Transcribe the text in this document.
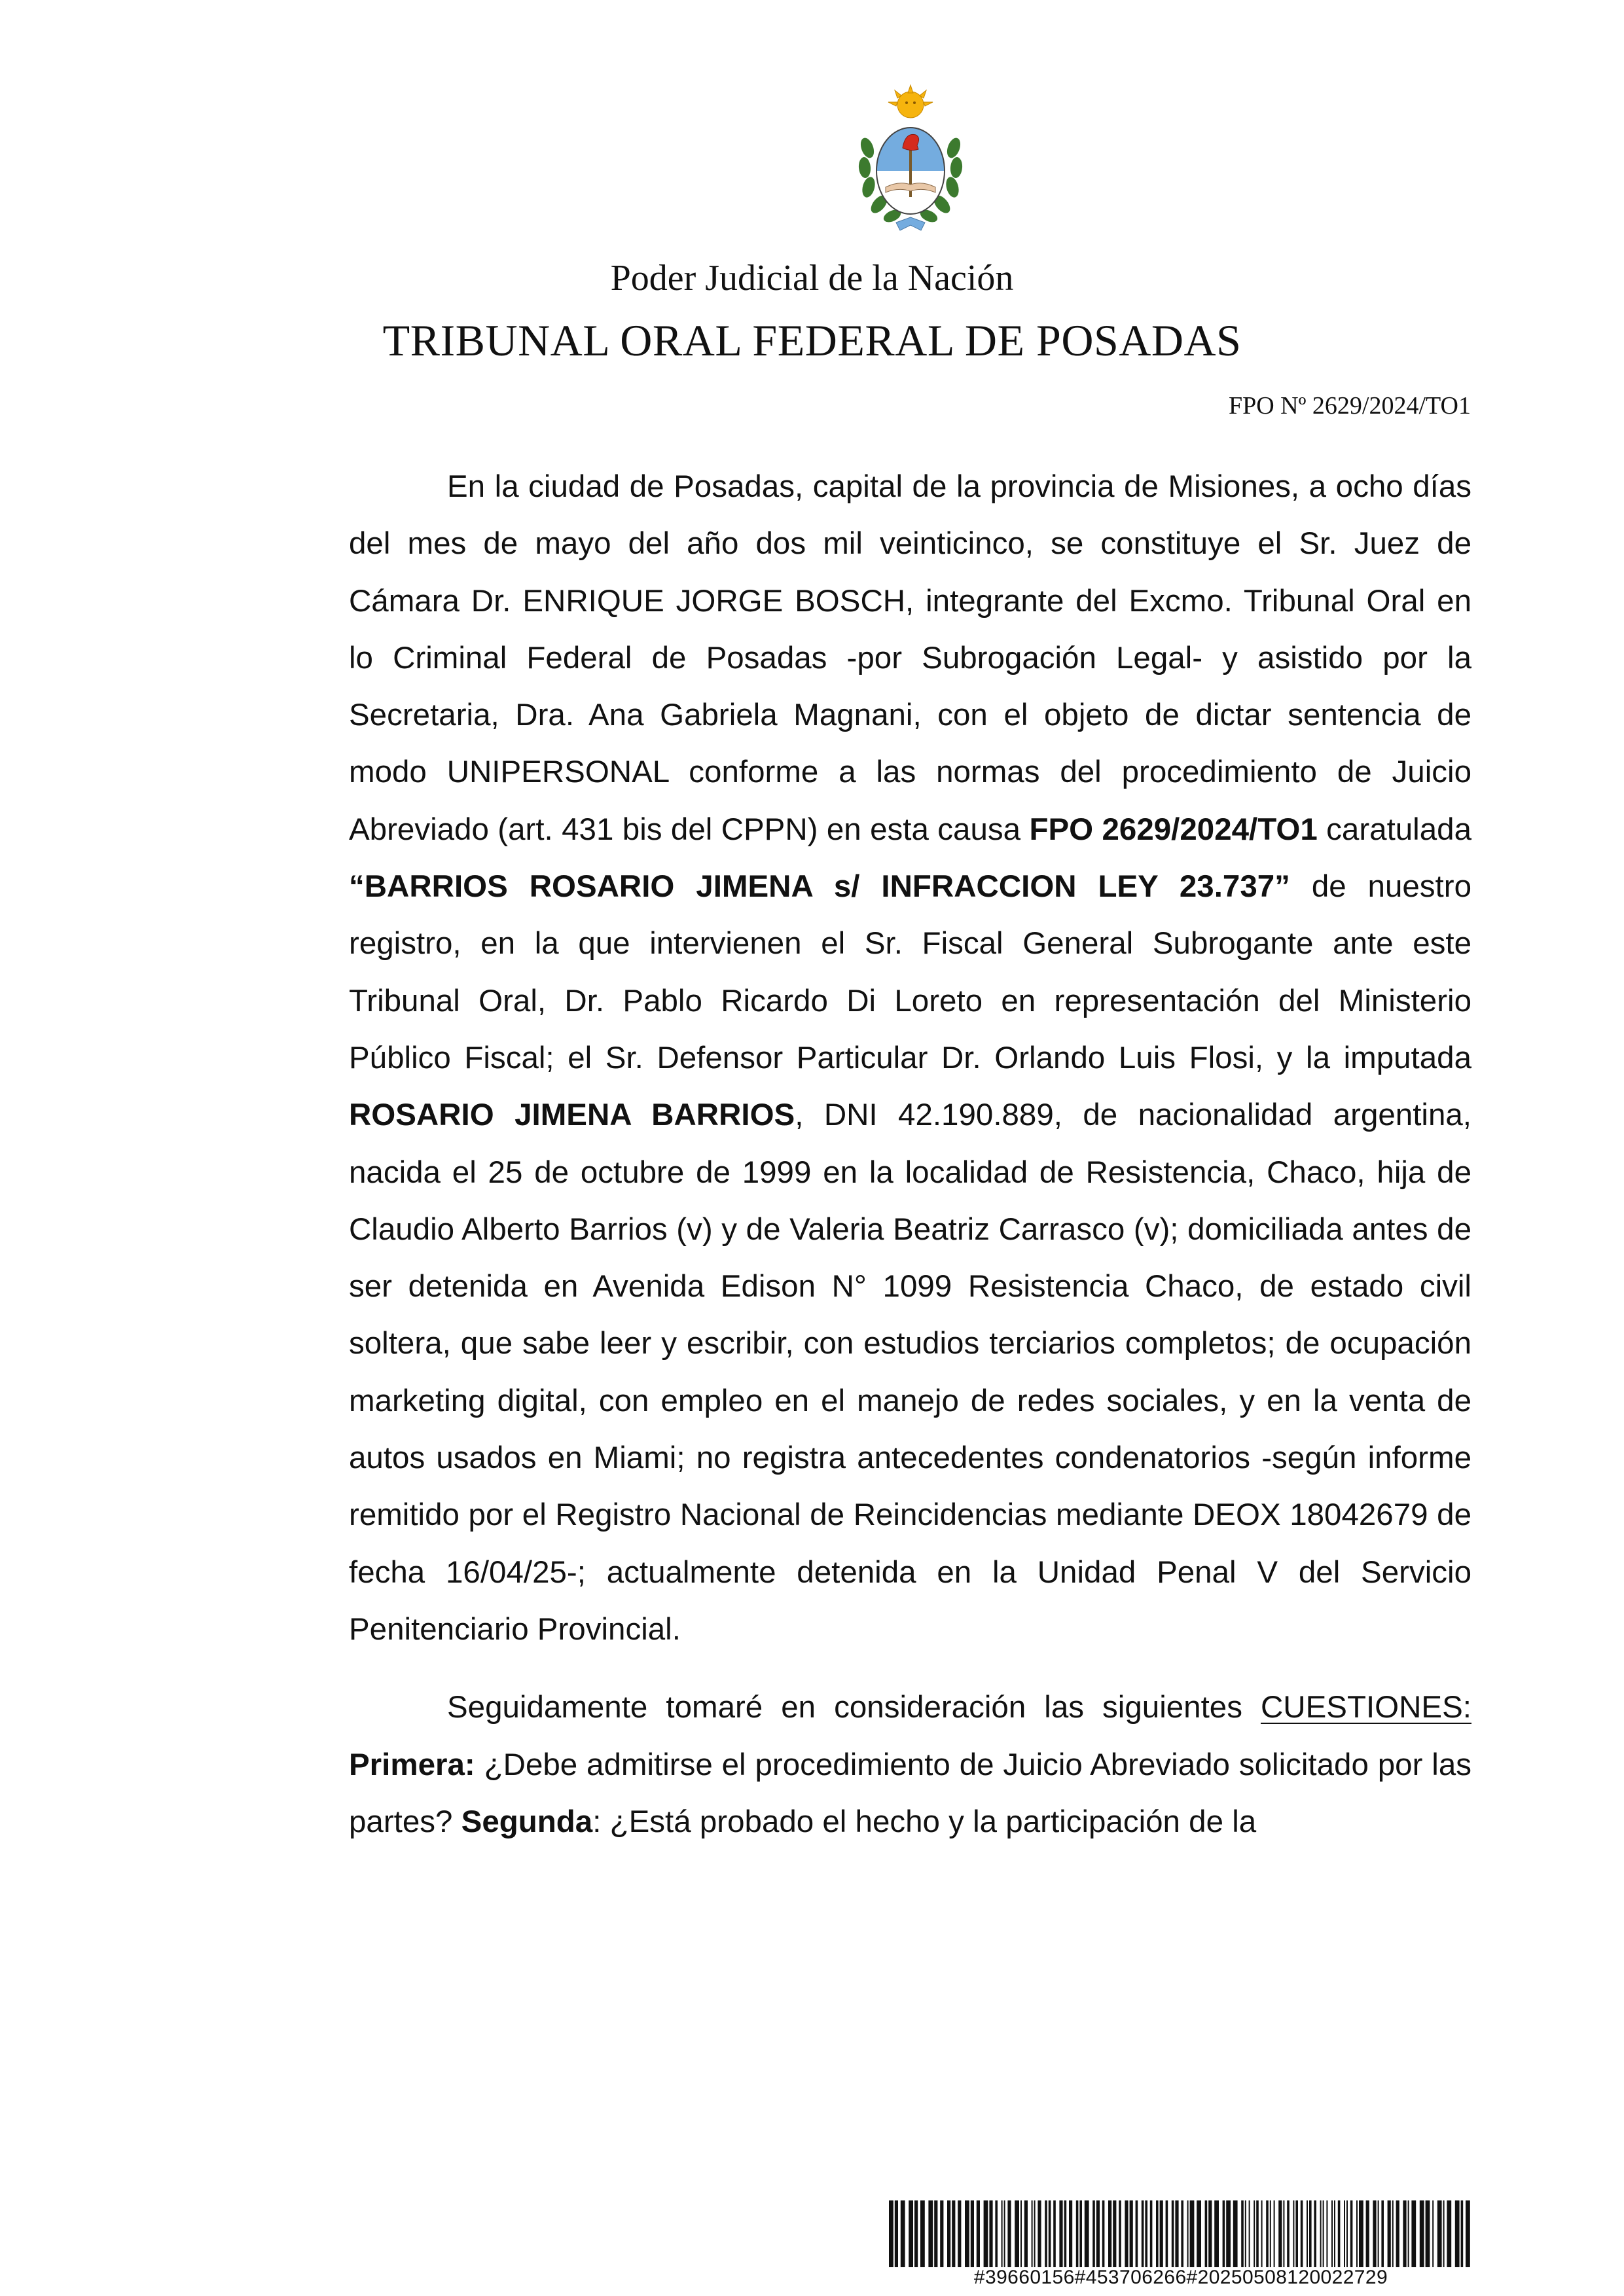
Poder Judicial de la Nación
TRIBUNAL ORAL FEDERAL DE POSADAS
FPO Nº 2629/2024/TO1

En la ciudad de Posadas, capital de la provincia de Misiones, a ocho días del mes de mayo del año dos mil veinticinco, se constituye el Sr. Juez de Cámara Dr. ENRIQUE JORGE BOSCH, integrante del Excmo. Tribunal Oral en lo Criminal Federal de Posadas -por Subrogación Legal- y asistido por la Secretaria, Dra. Ana Gabriela Magnani, con el objeto de dictar sentencia de modo UNIPERSONAL conforme a las normas del procedimiento de Juicio Abreviado (art. 431 bis del CPPN) en esta causa FPO 2629/2024/TO1 caratulada “BARRIOS ROSARIO JIMENA s/ INFRACCION LEY 23.737” de nuestro registro, en la que intervienen el Sr. Fiscal General Subrogante ante este Tribunal Oral, Dr. Pablo Ricardo Di Loreto en representación del Ministerio Público Fiscal; el Sr. Defensor Particular Dr. Orlando Luis Flosi, y la imputada ROSARIO JIMENA BARRIOS, DNI 42.190.889, de nacionalidad argentina, nacida el 25 de octubre de 1999 en la localidad de Resistencia, Chaco, hija de Claudio Alberto Barrios (v) y de Valeria Beatriz Carrasco (v); domiciliada antes de ser detenida en Avenida Edison N° 1099 Resistencia Chaco, de estado civil soltera, que sabe leer y escribir, con estudios terciarios completos; de ocupación marketing digital, con empleo en el manejo de redes sociales, y en la venta de autos usados en Miami; no registra antecedentes condenatorios -según informe remitido por el Registro Nacional de Reincidencias mediante DEOX 18042679 de fecha 16/04/25-; actualmente detenida en la Unidad Penal V del Servicio Penitenciario Provincial.

Seguidamente tomaré en consideración las siguientes CUESTIONES: Primera: ¿Debe admitirse el procedimiento de Juicio Abreviado solicitado por las partes? Segunda: ¿Está probado el hecho y la participación de la

#39660156#453706266#20250508120022729
